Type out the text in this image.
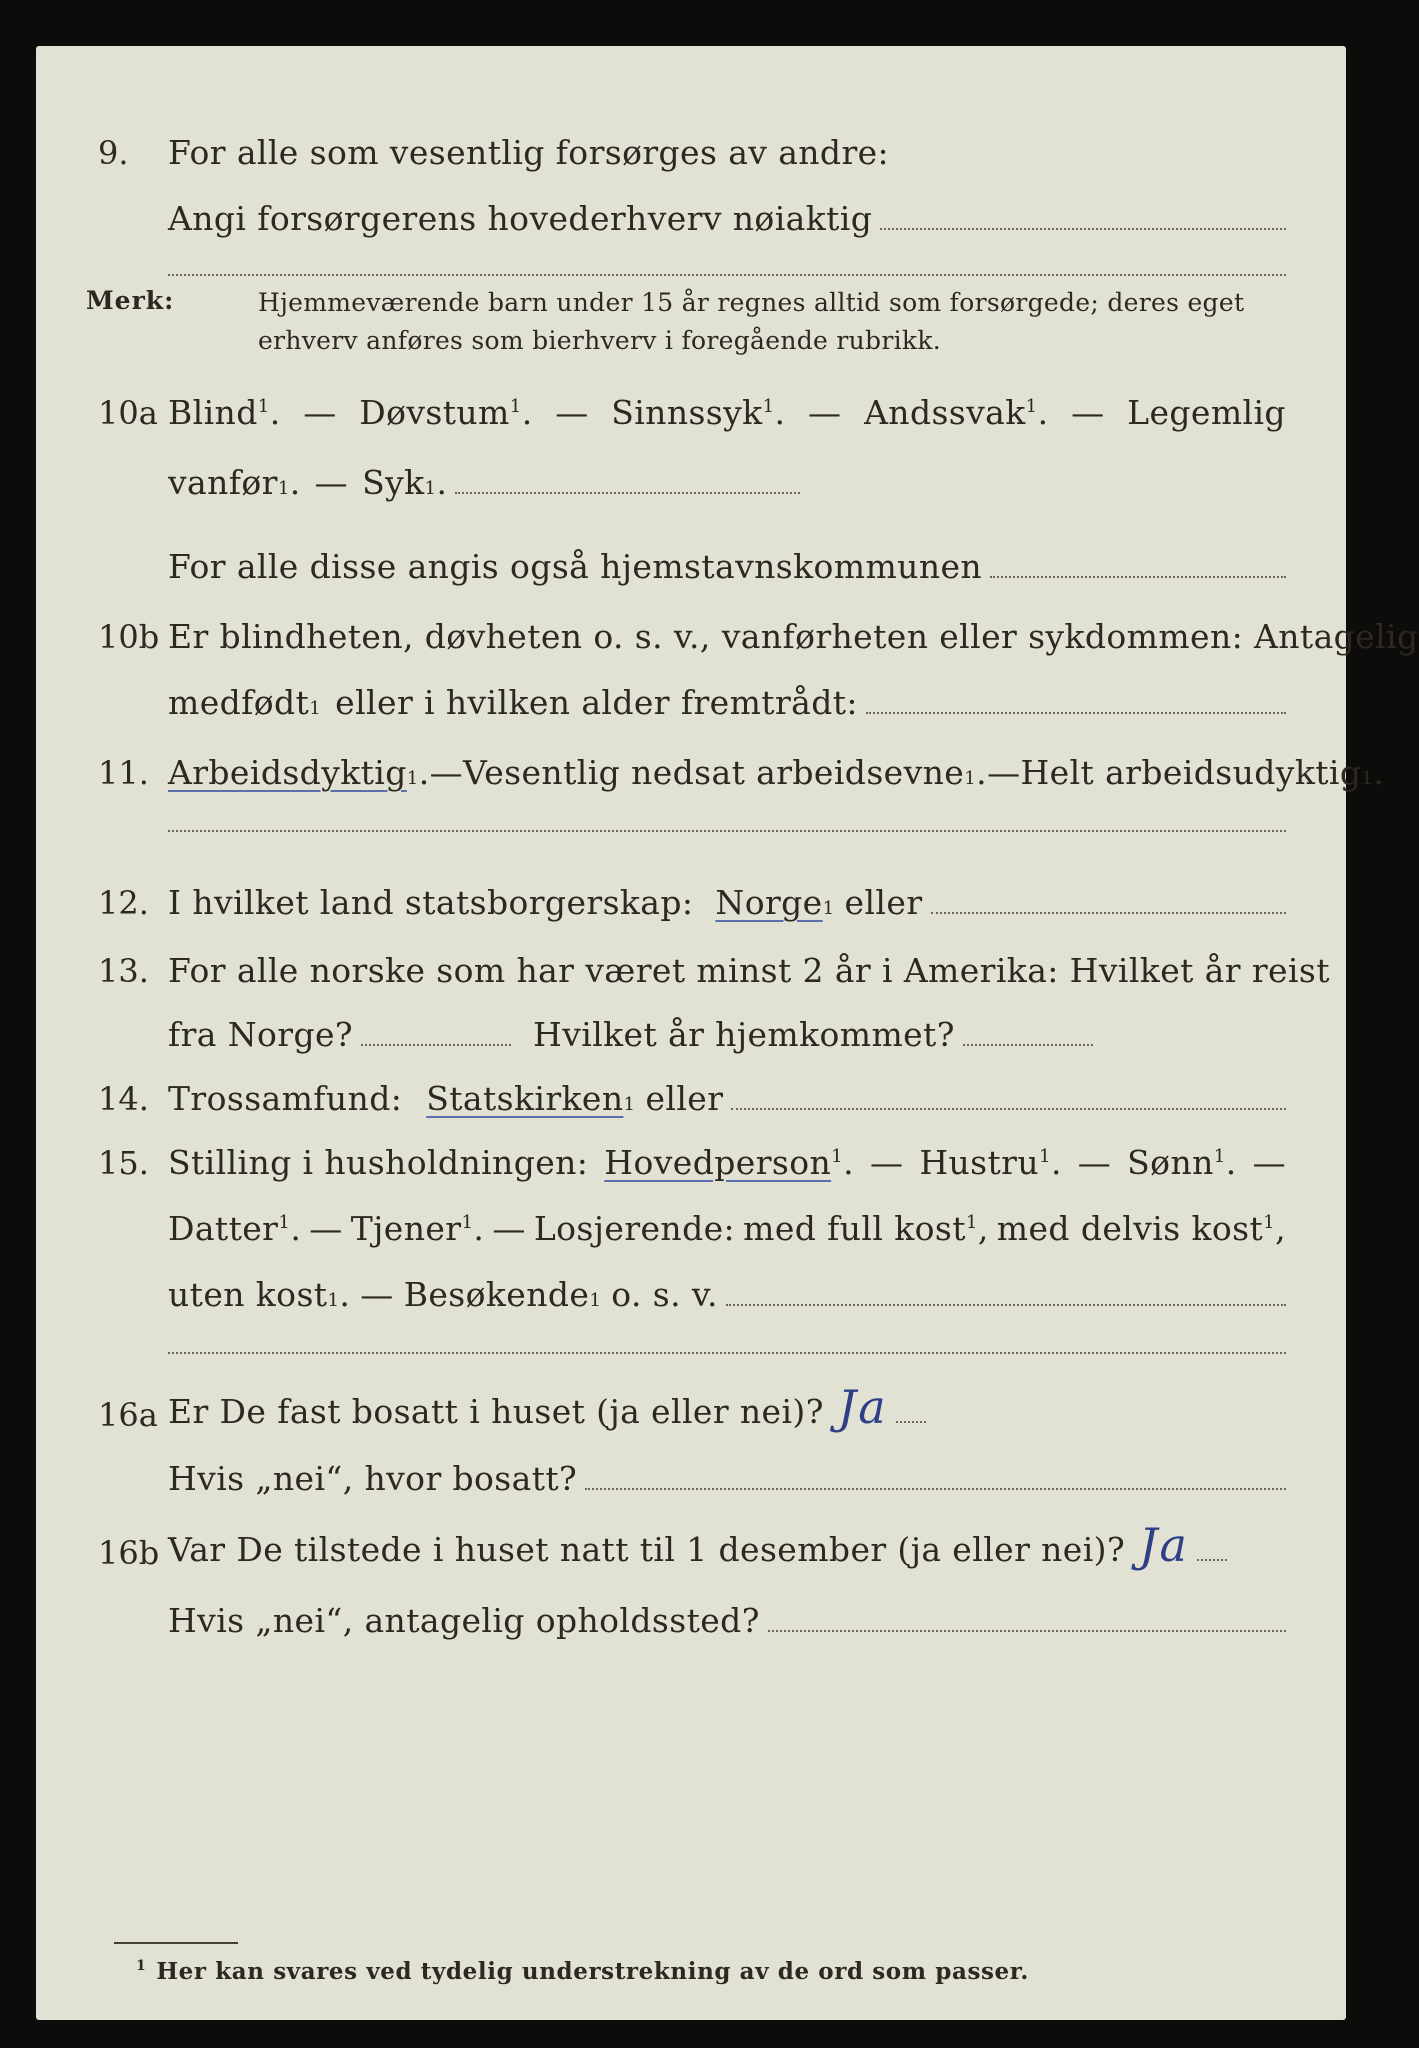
9. For alle som vesentlig forsørges av andre:
Angi forsørgerens hovederhverv nøiaktig
Merk:	Hjemmeværende barn under 15 år regnes alltid som forsørgede; deres eget erhverv anføres som bierhverv i foregående rubrikk.
10a Blind$^1$. — Døvstum$^1$. — Sinnssyk$^1$. — Andssvak$^1$. — Legemlig
vanfør 1 .
— Syk 1 .
For alle disse angis også hjemstavnskommunen
10b Er blindheten, døvheten o. s. v., vanførheten eller sykdommen: Antagelig
medfødt 1 eller i hvilken alder fremtrådt:
11. Arbeidsdyktig 1 .
— Vesentlig nedsat arbeidsevne 1 .
— Helt arbeidsudyktig 1 .
12. I hvilket land statsborgerskap: Norge 1 eller
13. For alle norske som har været minst 2 år i Amerika: Hvilket år reist
fra Norge?	Hvilket år hjemkommet?
14. Trossamfund: Statskirken 1 eller
15. Stilling i husholdningen: Hovedperson$^1$. — Hustru$^1$. — Sønn$^1$. —
Datter$^1$. — Tjener$^1$. — Losjerende: med full kost$^1$, med delvis kost$^1$,
uten kost 1 .
— Besøkende 1 o. s. v.
16a Er De fast bosatt i huset (ja eller nei)? Ja
Hvis „nei“, hvor bosatt?
16b Var De tilstede i huset natt til 1 desember (ja eller nei)? Ja
Hvis „nei“, antagelig opholdssted?
$^1$ Her kan svares ved tydelig understrekning av de ord som passer.
